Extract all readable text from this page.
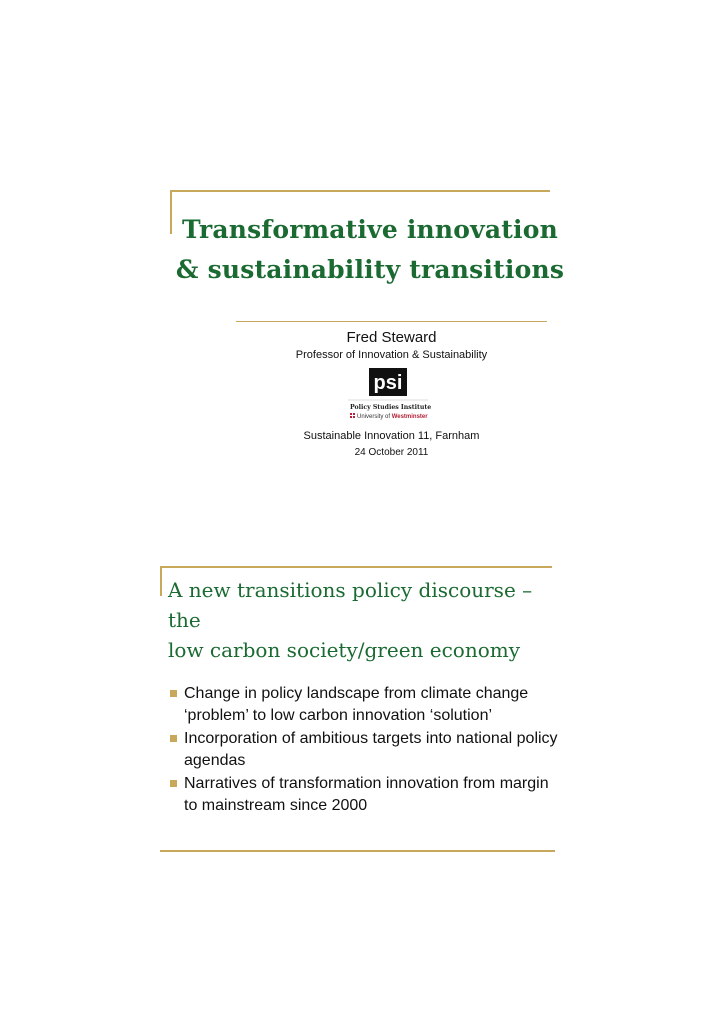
Transformative innovation
& sustainability transitions
Fred Steward
Professor of Innovation & Sustainability
psi
Policy Studies Institute
University of Westminster
Sustainable Innovation 11, Farnham
24 October 2011
A new transitions policy discourse – the
low carbon society/green economy
Change in policy landscape from climate change ‘problem’ to low carbon innovation ‘solution’
Incorporation of ambitious targets into national policy agendas
Narratives of transformation innovation from margin to mainstream since 2000
